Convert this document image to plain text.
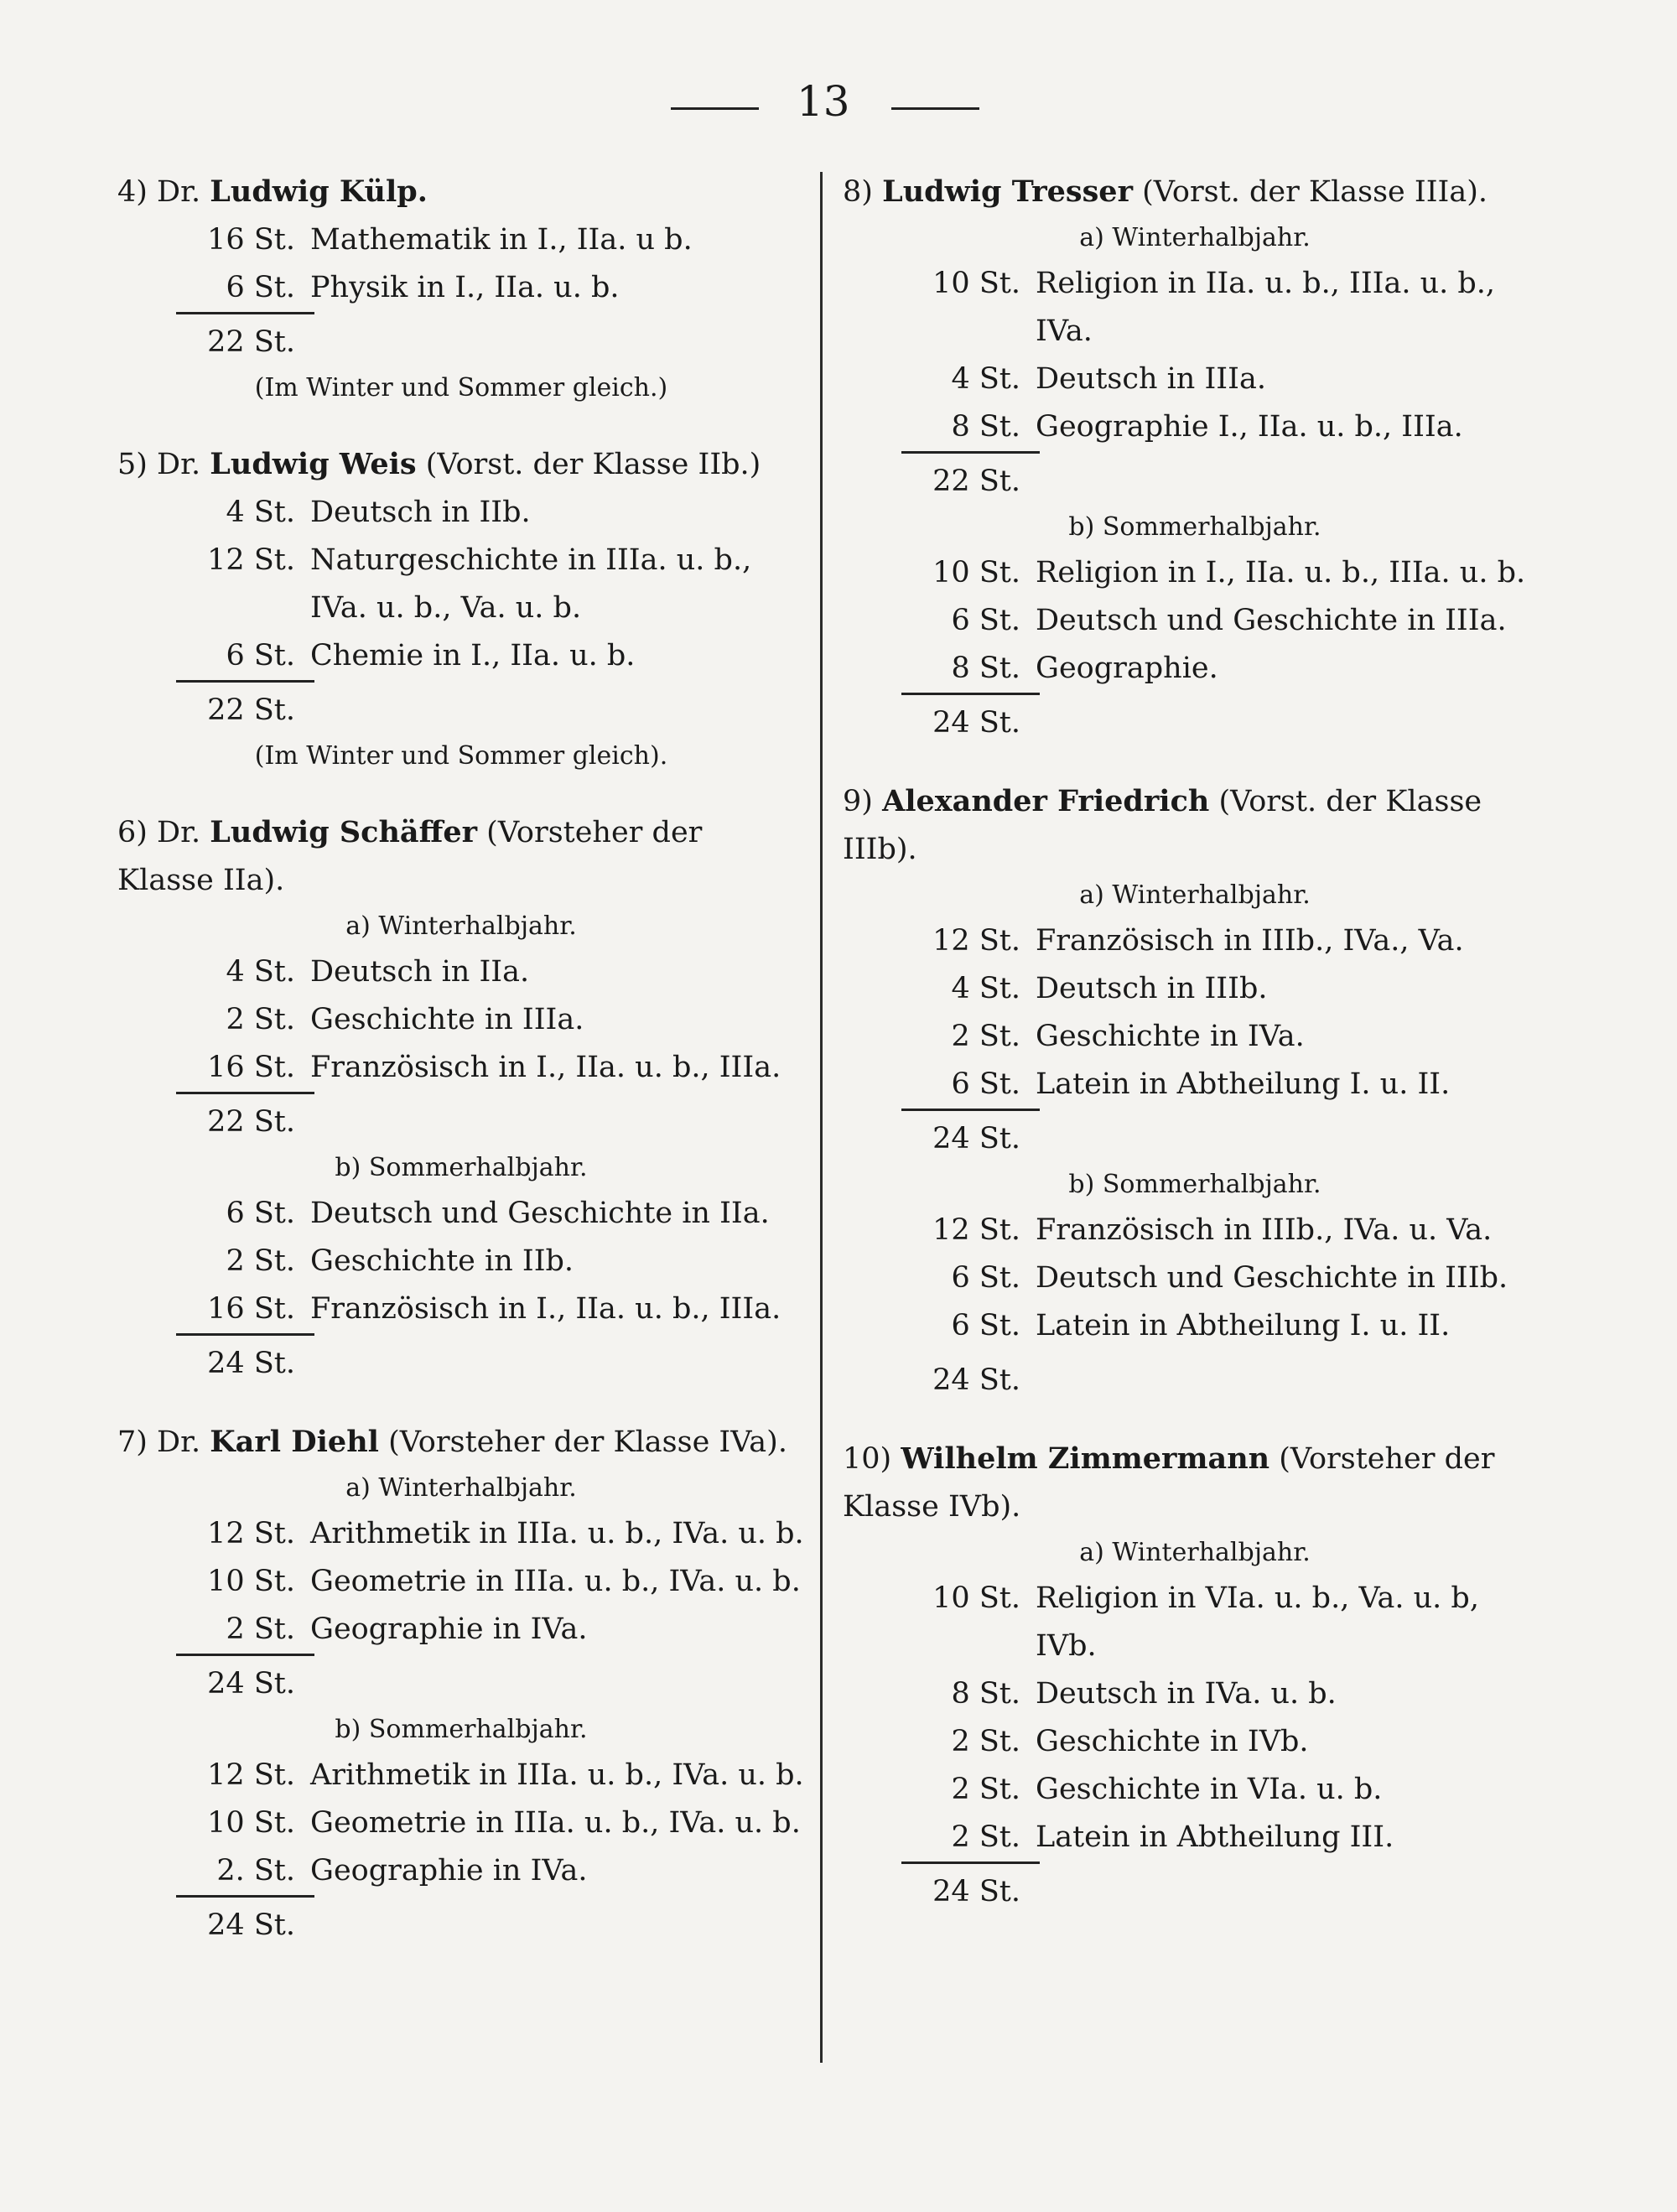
13
4) Dr. Ludwig Külp.
16 St. Mathematik in I., IIa. u b.
6 St. Physik in I., IIa. u. b.
22 St.
(Im Winter und Sommer gleich.)
5) Dr. Ludwig Weis (Vorst. der Klasse IIb.)
4 St. Deutsch in IIb.
12 St. Naturgeschichte in IIIa. u. b., IVa. u. b., Va. u. b.
6 St. Chemie in I., IIa. u. b.
22 St.
(Im Winter und Sommer gleich).
6) Dr. Ludwig Schäffer (Vorsteher der Klasse IIa).
a) Winterhalbjahr.
4 St. Deutsch in IIa.
2 St. Geschichte in IIIa.
16 St. Französisch in I., IIa. u. b., IIIa.
22 St.
b) Sommerhalbjahr.
6 St. Deutsch und Geschichte in IIa.
2 St. Geschichte in IIb.
16 St. Französisch in I., IIa. u. b., IIIa.
24 St.
7) Dr. Karl Diehl (Vorsteher der Klasse IVa).
a) Winterhalbjahr.
12 St. Arithmetik in IIIa. u. b., IVa. u. b.
10 St. Geometrie in IIIa. u. b., IVa. u. b.
2 St. Geographie in IVa.
24 St.
b) Sommerhalbjahr.
12 St. Arithmetik in IIIa. u. b., IVa. u. b.
10 St. Geometrie in IIIa. u. b., IVa. u. b.
2. St. Geographie in IVa.
24 St.
8) Ludwig Tresser (Vorst. der Klasse IIIa).
a) Winterhalbjahr.
10 St. Religion in IIa. u. b., IIIa. u. b., IVa.
4 St. Deutsch in IIIa.
8 St. Geographie I., IIa. u. b., IIIa.
22 St.
b) Sommerhalbjahr.
10 St. Religion in I., IIa. u. b., IIIa. u. b.
6 St. Deutsch und Geschichte in IIIa.
8 St. Geographie.
24 St.
9) Alexander Friedrich (Vorst. der Klasse IIIb).
a) Winterhalbjahr.
12 St. Französisch in IIIb., IVa., Va.
4 St. Deutsch in IIIb.
2 St. Geschichte in IVa.
6 St. Latein in Abtheilung I. u. II.
24 St.
b) Sommerhalbjahr.
12 St. Französisch in IIIb., IVa. u. Va.
6 St. Deutsch und Geschichte in IIIb.
6 St. Latein in Abtheilung I. u. II.
24 St.
10) Wilhelm Zimmermann (Vorsteher der Klasse IVb).
a) Winterhalbjahr.
10 St. Religion in VIa. u. b., Va. u. b, IVb.
8 St. Deutsch in IVa. u. b.
2 St. Geschichte in IVb.
2 St. Geschichte in VIa. u. b.
2 St. Latein in Abtheilung III.
24 St.
